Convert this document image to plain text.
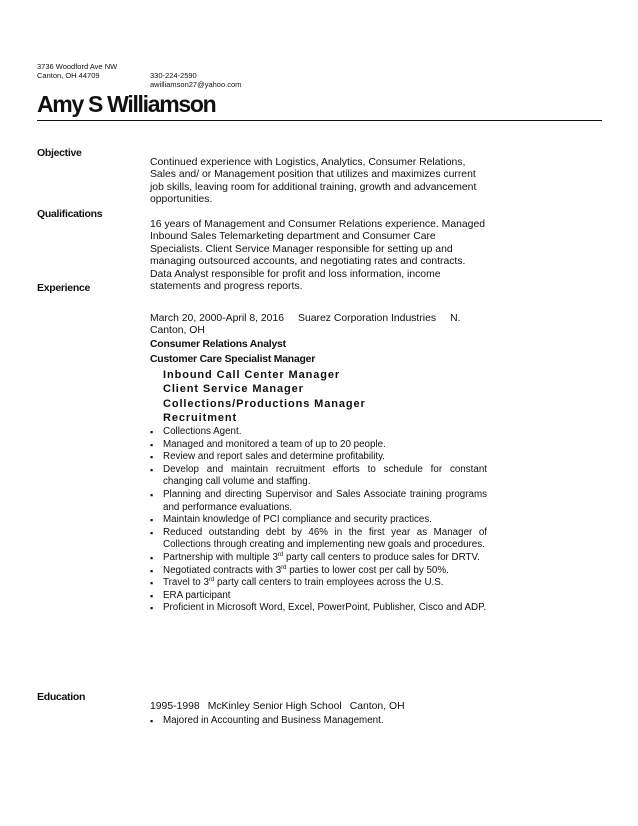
3736 Woodford Ave NW
Canton, OH 44709	330-224-2590
awilliamson27@yahoo.com
Amy S Williamson
Objective
Qualifications
Experience
Education
Continued experience with Logistics, Analytics, Consumer Relations, Sales and/ or Management position that utilizes and maximizes current job skills, leaving room for additional training, growth and advancement opportunities.
16 years of Management and Consumer Relations experience. Managed Inbound Sales Telemarketing department and Consumer Care Specialists. Client Service Manager responsible for setting up and managing outsourced accounts, and negotiating rates and contracts. Data Analyst responsible for profit and loss information, income statements and progress reports.
March 20, 2000-April 8, 2016 Suarez Corporation Industries N. Canton, OH
Consumer Relations Analyst
Customer Care Specialist Manager
Inbound Call Center Manager
Client Service Manager
Collections/Productions Manager
Recruitment
▪ Collections Agent.
▪ Managed and monitored a team of up to 20 people.
▪ Review and report sales and determine profitability.
▪ Develop and maintain recruitment efforts to schedule for constant changing call volume and staffing.
▪ Planning and directing Supervisor and Sales Associate training programs and performance evaluations.
▪ Maintain knowledge of PCI compliance and security practices.
▪ Reduced outstanding debt by 46% in the first year as Manager of Collections through creating and implementing new goals and procedures.
▪ Partnership with multiple 3rd party call centers to produce sales for DRTV.
▪ Negotiated contracts with 3rd parties to lower cost per call by 50%.
▪ Travel to 3rd party call centers to train employees across the U.S.
▪ ERA participant
▪ Proficient in Microsoft Word, Excel, PowerPoint, Publisher, Cisco and ADP.
1995-1998 McKinley Senior High School Canton, OH
▪ Majored in Accounting and Business Management.
